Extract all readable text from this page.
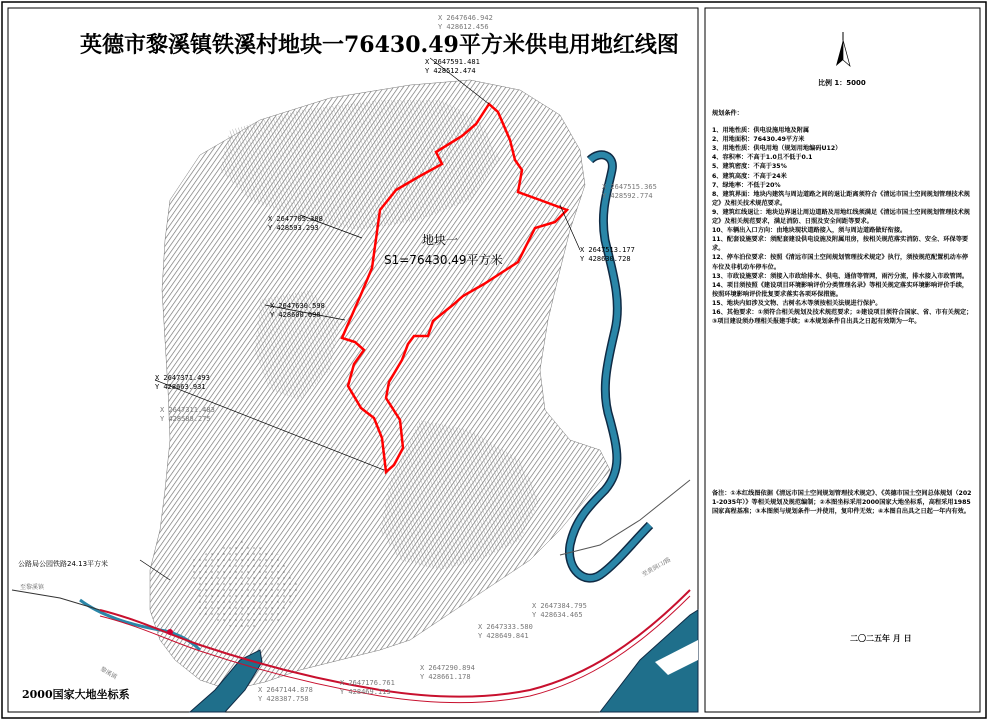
英德市黎溪镇铁溪村地块一76430.49平方米供电用地红线图
地块一
S1=76430.49平方米
X 2647646.942
Y 428612.456
X 2647591.481
Y 428512.474
X 2647705.308
Y 428593.293
X 2647513.177
Y 428630.728
X 2647630.598
Y 428600.090
X 2647371.493
Y 428663.931
X 2647311.483
Y 428588.275
X 2647384.795
Y 428634.465
X 2647333.580
Y 428649.841
X 2647290.894
Y 428661.178
X 2647176.761
Y 428469.113
X 2647144.878
Y 428387.758
X 2647515.365
Y 428592.774
公路局公园铁路24.13平方米
至黎溪镇
黎溪镇
至黄洞口/路
2000国家大地坐标系
比例 1：5000
规划条件：
1、用地性质：供电设施用地及附属
2、用地面积：76430.49平方米
3、用地性质：供电用地（规划用地编码U12）
4、容积率：不高于1.0且不低于0.1
5、建筑密度：不高于35%
6、建筑高度：不高于24米
7、绿地率：不低于20%
8、建筑界面：地块内建筑与周边道路之间的退让距离须符合《清远市国土空间规划管理技术规定》及相关技术规范要求。
9、建筑红线退让：地块边界退让周边道路及用地红线须满足《清远市国土空间规划管理技术规定》及相关规范要求，满足消防、日照及安全间距等要求。
10、车辆出入口方向：由地块现状道路接入，须与周边道路做好衔接。
11、配套设施要求：须配套建设供电设施及附属用房，按相关规范落实消防、安全、环保等要求。
12、停车泊位要求：按照《清远市国土空间规划管理技术规定》执行，须按规范配置机动车停车位及非机动车停车位。
13、市政设施要求：须接入市政给排水、供电、通信等管网，雨污分流，排水接入市政管网。
14、项目须按照《建设项目环境影响评价分类管理名录》等相关规定落实环境影响评价手续，按照环境影响评价批复要求落实各项环保措施。
15、地块内如涉及文物、古树名木等须按相关法规进行保护。
16、其他要求：①须符合相关规划及技术规范要求；②建设项目须符合国家、省、市有关规定；③项目建设须办理相关报建手续；④本规划条件自出具之日起有效期为一年。
备注：①本红线图依据《清远市国土空间规划管理技术规定》、《英德市国土空间总体规划（2021-2035年）》等相关规划及规范编制；②本图坐标采用2000国家大地坐标系，高程采用1985国家高程基准；③本图须与规划条件一并使用，复印件无效；④本图自出具之日起一年内有效。
二〇二五年 月 日
